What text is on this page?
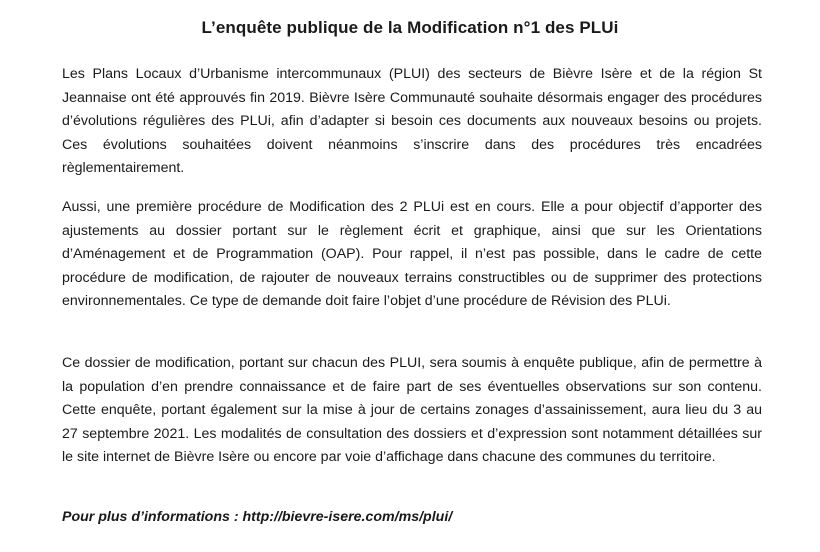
L’enquête publique de la Modification n°1 des PLUi

Les Plans Locaux d’Urbanisme intercommunaux (PLUI) des secteurs de Bièvre Isère et de la région St Jeannaise ont été approuvés fin 2019. Bièvre Isère Communauté souhaite désormais engager des procédures d’évolutions régulières des PLUi, afin d’adapter si besoin ces documents aux nouveaux besoins ou projets. Ces évolutions souhaitées doivent néanmoins s’inscrire dans des procédures très encadrées règlementairement.

Aussi, une première procédure de Modification des 2 PLUi est en cours. Elle a pour objectif d’apporter des ajustements au dossier portant sur le règlement écrit et graphique, ainsi que sur les Orientations d’Aménagement et de Programmation (OAP). Pour rappel, il n’est pas possible, dans le cadre de cette procédure de modification, de rajouter de nouveaux terrains constructibles ou de supprimer des protections environnementales. Ce type de demande doit faire l’objet d’une procédure de Révision des PLUi.

Ce dossier de modification, portant sur chacun des PLUI, sera soumis à enquête publique, afin de permettre à la population d’en prendre connaissance et de faire part de ses éventuelles observations sur son contenu. Cette enquête, portant également sur la mise à jour de certains zonages d’assainissement, aura lieu du 3 au 27 septembre 2021. Les modalités de consultation des dossiers et d’expression sont notamment détaillées sur le site internet de Bièvre Isère ou encore par voie d’affichage dans chacune des communes du territoire.

Pour plus d’informations : http://bievre-isere.com/ms/plui/
